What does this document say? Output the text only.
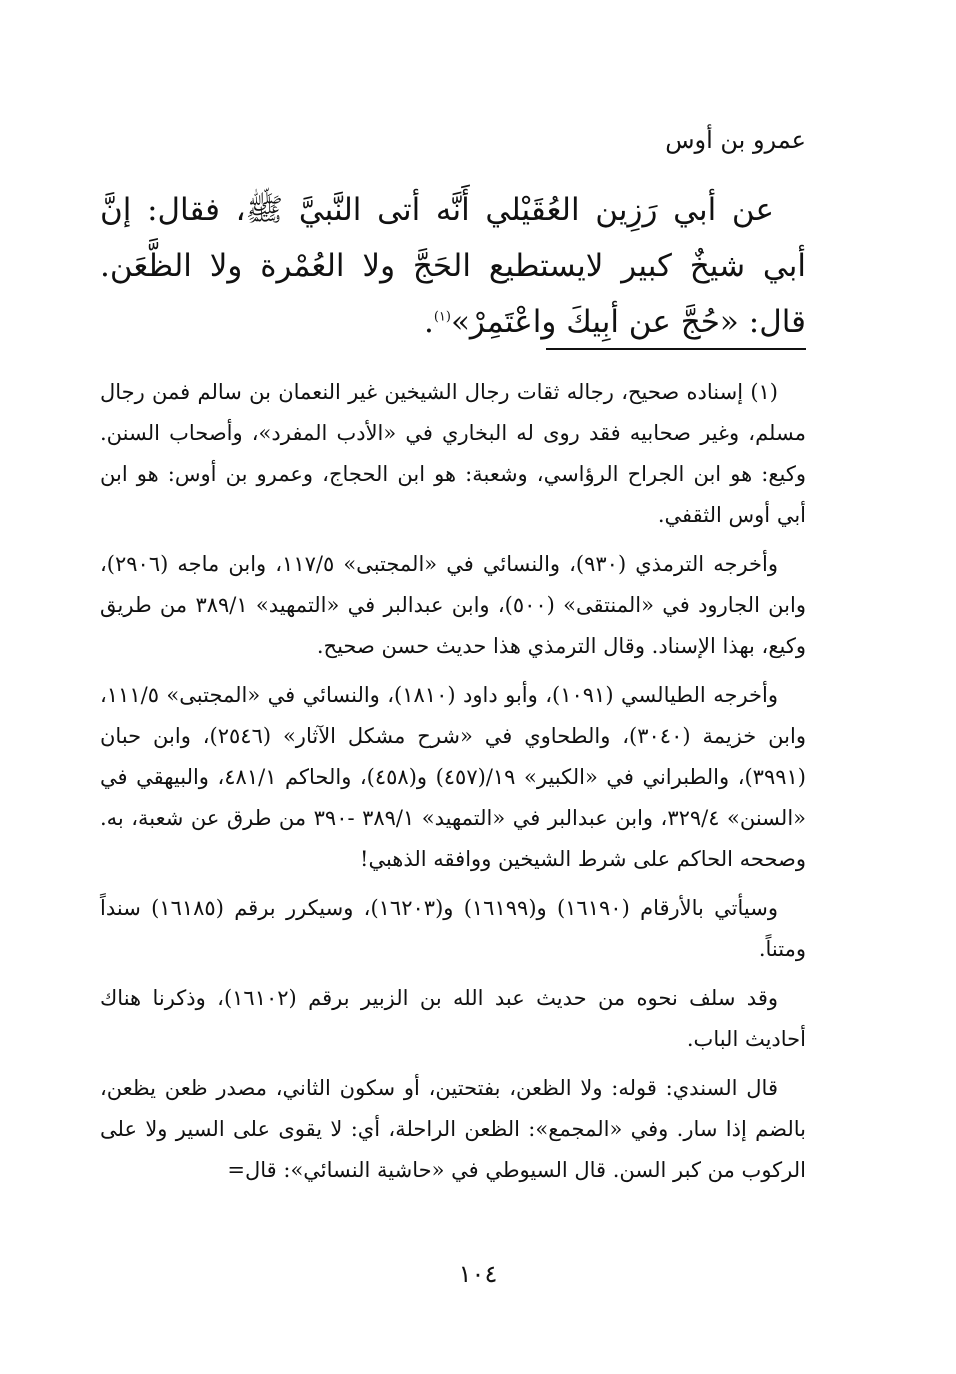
عمرو بن أوس

عن أبي رَزِين العُقَيْلي أَنَّه أتى النَّبيَّ ﷺ، فقال: إنَّ أبي شيخٌ كبير لايستطيع الحَجَّ ولا العُمْرة ولا الظَّعَن. قال: «حُجَّ عن أبِيكَ واعْتَمِرْ»$^{(١)}$.

(١) إسناده صحيح، رجاله ثقات رجال الشيخين غير النعمان بن سالم فمن رجال مسلم، وغير صحابيه فقد روى له البخاري في «الأدب المفرد»، وأصحاب السنن. وكيع: هو ابن الجراح الرؤاسي، وشعبة: هو ابن الحجاج، وعمرو بن أوس: هو ابن أبي أوس الثقفي.

وأخرجه الترمذي (٩٣٠)، والنسائي في «المجتبى» ١١٧/٥، وابن ماجه (٢٩٠٦)، وابن الجارود في «المنتقى» (٥٠٠)، وابن عبدالبر في «التمهيد» ٣٨٩/١ من طريق وكيع، بهذا الإسناد. وقال الترمذي هذا حديث حسن صحيح.

وأخرجه الطيالسي (١٠٩١)، وأبو داود (١٨١٠)، والنسائي في «المجتبى» ١١١/٥، وابن خزيمة (٣٠٤٠)، والطحاوي في «شرح مشكل الآثار» (٢٥٤٦)، وابن حبان (٣٩٩١)، والطبراني في «الكبير» ١٩/(٤٥٧) و(٤٥٨)، والحاكم ٤٨١/١، والبيهقي في «السنن» ٣٢٩/٤، وابن عبدالبر في «التمهيد» ٣٨٩/١ -٣٩٠ من طرق عن شعبة، به. وصححه الحاكم على شرط الشيخين ووافقه الذهبي!

وسيأتي بالأرقام (١٦١٩٠) و(١٦١٩٩) و(١٦٢٠٣)، وسيكرر برقم (١٦١٨٥) سنداً ومتناً.

وقد سلف نحوه من حديث عبد الله بن الزبير برقم (١٦١٠٢)، وذكرنا هناك أحاديث الباب.

قال السندي: قوله: ولا الظعن، بفتحتين، أو سكون الثاني، مصدر ظعن يظعن، بالضم إذا سار. وفي «المجمع»: الظعن الراحلة، أي: لا يقوى على السير ولا على الركوب من كبر السن. قال السيوطي في «حاشية النسائي»: قال=

١٠٤
